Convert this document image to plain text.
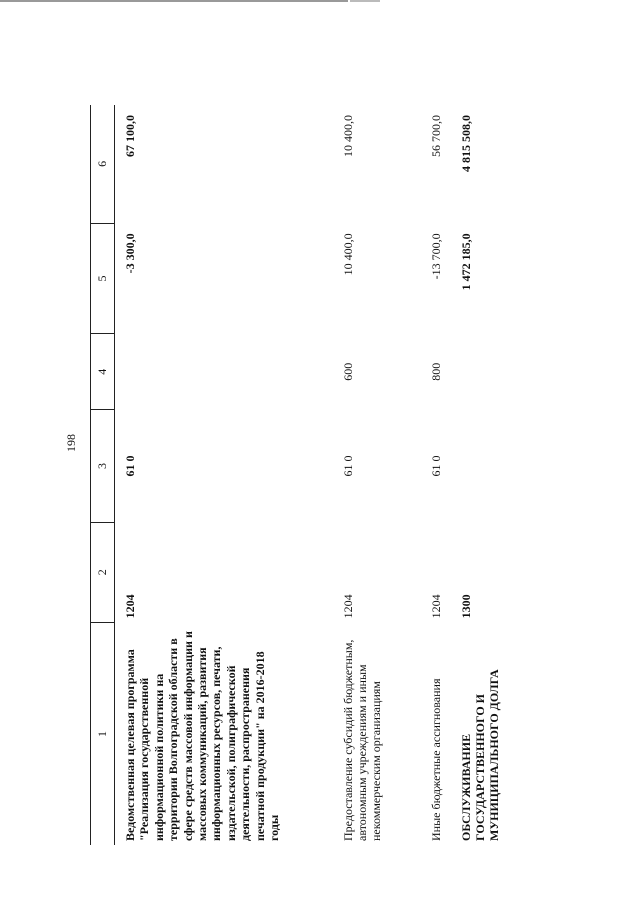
198
1	2	3	4	5	6
Ведомственная целевая программа "Реализация государственной информационной политики на территории Волгоградской области в сфере средств массовой информации и массовых коммуникаций, развития информационных ресурсов, печати, издательской, полиграфической деятельности, распространения печатной продукции" на 2016-2018 годы	1204	61 0		-3 300,0	67 100,0
Предоставление субсидий бюджетным, автономным учреждениям и иным некоммерческим организациям	1204	61 0	600	10 400,0	10 400,0
Иные бюджетные ассигнования	1204	61 0	800	-13 700,0	56 700,0
ОБСЛУЖИВАНИЕ ГОСУДАРСТВЕННОГО И МУНИЦИПАЛЬНОГО ДОЛГА	1300			1 472 185,0	4 815 508,0
